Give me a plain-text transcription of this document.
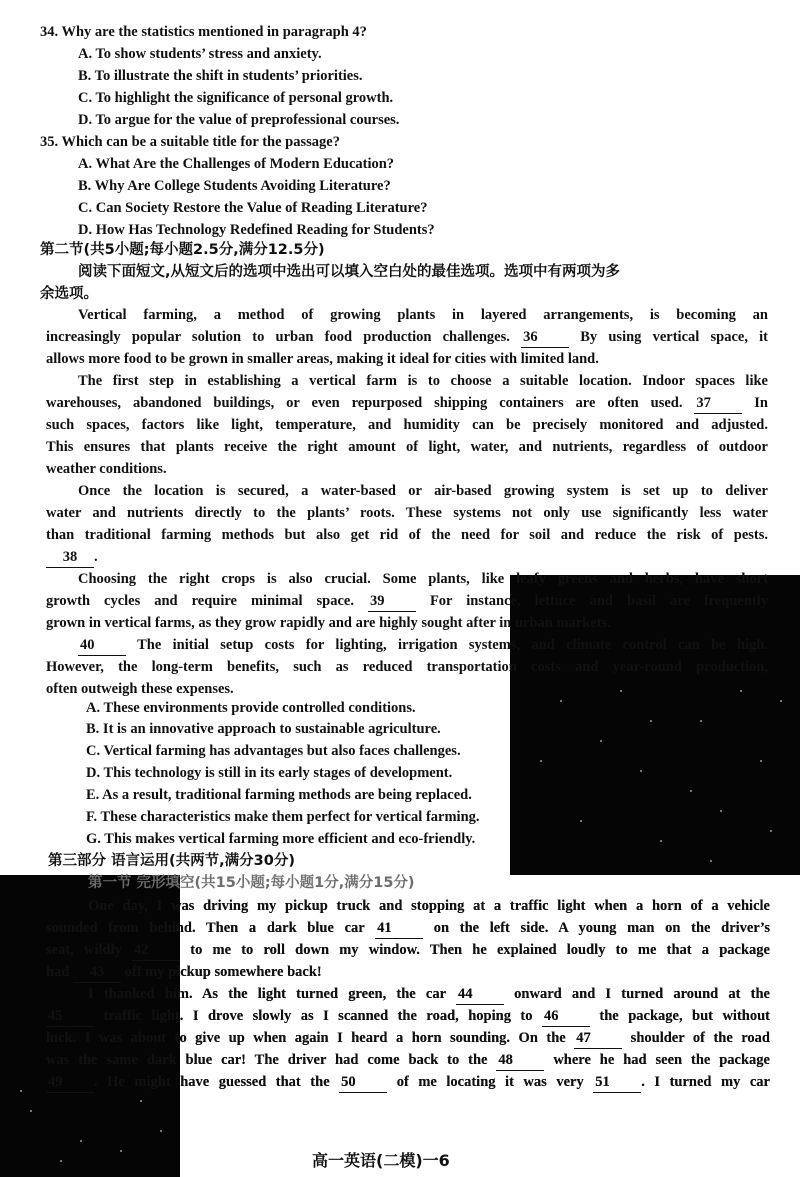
34. Why are the statistics mentioned in paragraph 4?
A. To show students’ stress and anxiety.
B. To illustrate the shift in students’ priorities.
C. To highlight the significance of personal growth.
D. To argue for the value of preprofessional courses.
35. Which can be a suitable title for the passage?
A. What Are the Challenges of Modern Education?
B. Why Are College Students Avoiding Literature?
C. Can Society Restore the Value of Reading Literature?
D. How Has Technology Redefined Reading for Students?
第二节(共5小题;每小题2.5分,满分12.5分)
阅读下面短文,从短文后的选项中选出可以填入空白处的最佳选项。选项中有两项为多
余选项。
Vertical farming, a method of growing plants in layered arrangements, is becoming an
increasingly popular solution to urban food production challenges. 36 By using vertical space, it
allows more food to be grown in smaller areas, making it ideal for cities with limited land.
The first step in establishing a vertical farm is to choose a suitable location. Indoor spaces like
warehouses, abandoned buildings, or even repurposed shipping containers are often used. 37 In
such spaces, factors like light, temperature, and humidity can be precisely monitored and adjusted.
This ensures that plants receive the right amount of light, water, and nutrients, regardless of outdoor
weather conditions.
Once the location is secured, a water-based or air-based growing system is set up to deliver
water and nutrients directly to the plants’ roots. These systems not only use significantly less water
than traditional farming methods but also get rid of the need for soil and reduce the risk of pests.
38 .
Choosing the right crops is also crucial. Some plants, like leafy greens and herbs, have short
growth cycles and require minimal space. 39 For instance, lettuce and basil are frequently
grown in vertical farms, as they grow rapidly and are highly sought after in urban markets.
40 The initial setup costs for lighting, irrigation systems, and climate control can be high.
However, the long-term benefits, such as reduced transportation costs and year-round production,
often outweigh these expenses.
A. These environments provide controlled conditions.
B. It is an innovative approach to sustainable agriculture.
C. Vertical farming has advantages but also faces challenges.
D. This technology is still in its early stages of development.
E. As a result, traditional farming methods are being replaced.
F. These characteristics make them perfect for vertical farming.
G. This makes vertical farming more efficient and eco-friendly.
第三部分 语言运用(共两节,满分30分)
第一节 完形填空(共15小题;每小题1分,满分15分)
One day, I was driving my pickup truck and stopping at a traffic light when a horn of a vehicle
sounded from behind. Then a dark blue car 41 on the left side. A young man on the driver’s
seat, wildly 42 to me to roll down my window. Then he explained loudly to me that a package
had 43 off my pickup somewhere back!
I thanked him. As the light turned green, the car 44 onward and I turned around at the
45 traffic light. I drove slowly as I scanned the road, hoping to 46 the package, but without
luck. I was about to give up when again I heard a horn sounding. On the 47 shoulder of the road
was the same dark blue car! The driver had come back to the 48 where he had seen the package
49 . He might have guessed that the 50 of me locating it was very 51 . I turned my car
高一英语(二模)一6
